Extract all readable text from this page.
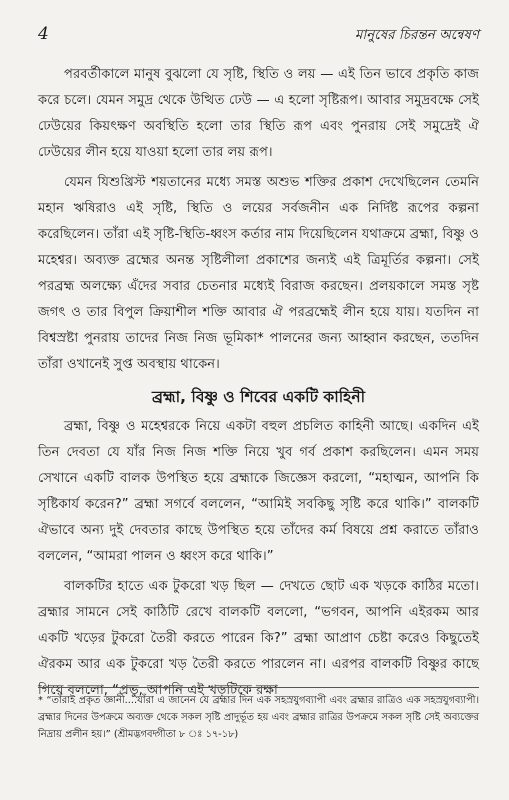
4	মানুষের চিরন্তন অন্বেষণ

পরবর্তীকালে মানুষ বুঝলো যে সৃষ্টি, স্থিতি ও লয় — এই তিন ভাবে প্রকৃতি কাজ করে চলে। যেমন সমুদ্র থেকে উত্থিত ঢেউ — এ হলো সৃষ্টিরূপ। আবার সমুদ্রবক্ষে সেই ঢেউয়ের কিয়ৎক্ষণ অবস্থিতি হলো তার স্থিতি রূপ এবং পুনরায় সেই সমুদ্রেই ঐ ঢেউয়ের লীন হয়ে যাওয়া হলো তার লয় রূপ।

যেমন যিশুখ্রিস্ট শয়তানের মধ্যে সমস্ত অশুভ শক্তির প্রকাশ দেখেছিলেন তেমনি মহান ঋষিরাও এই সৃষ্টি, স্থিতি ও লয়ের সর্বজনীন এক নির্দিষ্ট রূপের কল্পনা করেছিলেন। তাঁরা এই সৃষ্টি-স্থিতি-ধ্বংস কর্তার নাম দিয়েছিলেন যথাক্রমে ব্রহ্মা, বিষ্ণু ও মহেশ্বর। অব্যক্ত ব্রহ্মের অনন্ত সৃষ্টিলীলা প্রকাশের জন্যই এই ত্রিমূর্তির কল্পনা। সেই পরব্রহ্ম অলক্ষ্যে এঁদের সবার চেতনার মধ্যেই বিরাজ করছেন। প্রলয়কালে সমস্ত সৃষ্ট জগৎ ও তার বিপুল ক্রিয়াশীল শক্তি আবার ঐ পরব্রহ্মেই লীন হয়ে যায়। যতদিন না বিশ্বস্রষ্টা পুনরায় তাদের নিজ নিজ ভূমিকা* পালনের জন্য আহ্বান করছেন, ততদিন তাঁরা ওখানেই সুপ্ত অবস্থায় থাকেন।

ব্রহ্মা, বিষ্ণু ও শিবের একটি কাহিনী

ব্রহ্মা, বিষ্ণু ও মহেশ্বরকে নিয়ে একটা বহুল প্রচলিত কাহিনী আছে। একদিন এই তিন দেবতা যে যাঁর নিজ নিজ শক্তি নিয়ে খুব গর্ব প্রকাশ করছিলেন। এমন সময় সেখানে একটি বালক উপস্থিত হয়ে ব্রহ্মাকে জিজ্ঞেস করলো, “মহাত্মন, আপনি কি সৃষ্টিকার্য করেন?” ব্রহ্মা সগর্বে বললেন, “আমিই সবকিছু সৃষ্টি করে থাকি।” বালকটি ঐভাবে অন্য দুই দেবতার কাছে উপস্থিত হয়ে তাঁদের কর্ম বিষয়ে প্রশ্ন করাতে তাঁরাও বললেন, “আমরা পালন ও ধ্বংস করে থাকি।”

বালকটির হাতে এক টুকরো খড় ছিল — দেখতে ছোট এক খড়কে কাঠির মতো। ব্রহ্মার সামনে সেই কাঠিটি রেখে বালকটি বললো, “ভগবন, আপনি এইরকম আর একটি খড়ের টুকরো তৈরী করতে পারেন কি?” ব্রহ্মা আপ্রাণ চেষ্টা করেও কিছুতেই ঐরকম আর এক টুকরো খড় তৈরী করতে পারলেন না। এরপর বালকটি বিষ্ণুর কাছে গিয়ে বললো, “প্রভু, আপনি এই খড়টিকে রক্ষা

* “তাঁরাই প্রকৃত জ্ঞানী....যাঁরা এ জানেন যে ব্রহ্মার দিন এক সহস্রযুগব্যাপী এবং ব্রহ্মার রাত্রিও এক সহস্রযুগব্যাপী। ব্রহ্মার দিনের উপক্রমে অব্যক্ত থেকে সকল সৃষ্টি প্রাদুর্ভূত হয় এবং ব্রহ্মার রাত্রির উপক্রমে সকল সৃষ্টি সেই অব্যক্তের নিদ্রায় প্রলীন হয়।” (শ্রীমদ্ভগবদ্গীতা ৮ ঃ ১৭-১৮)
